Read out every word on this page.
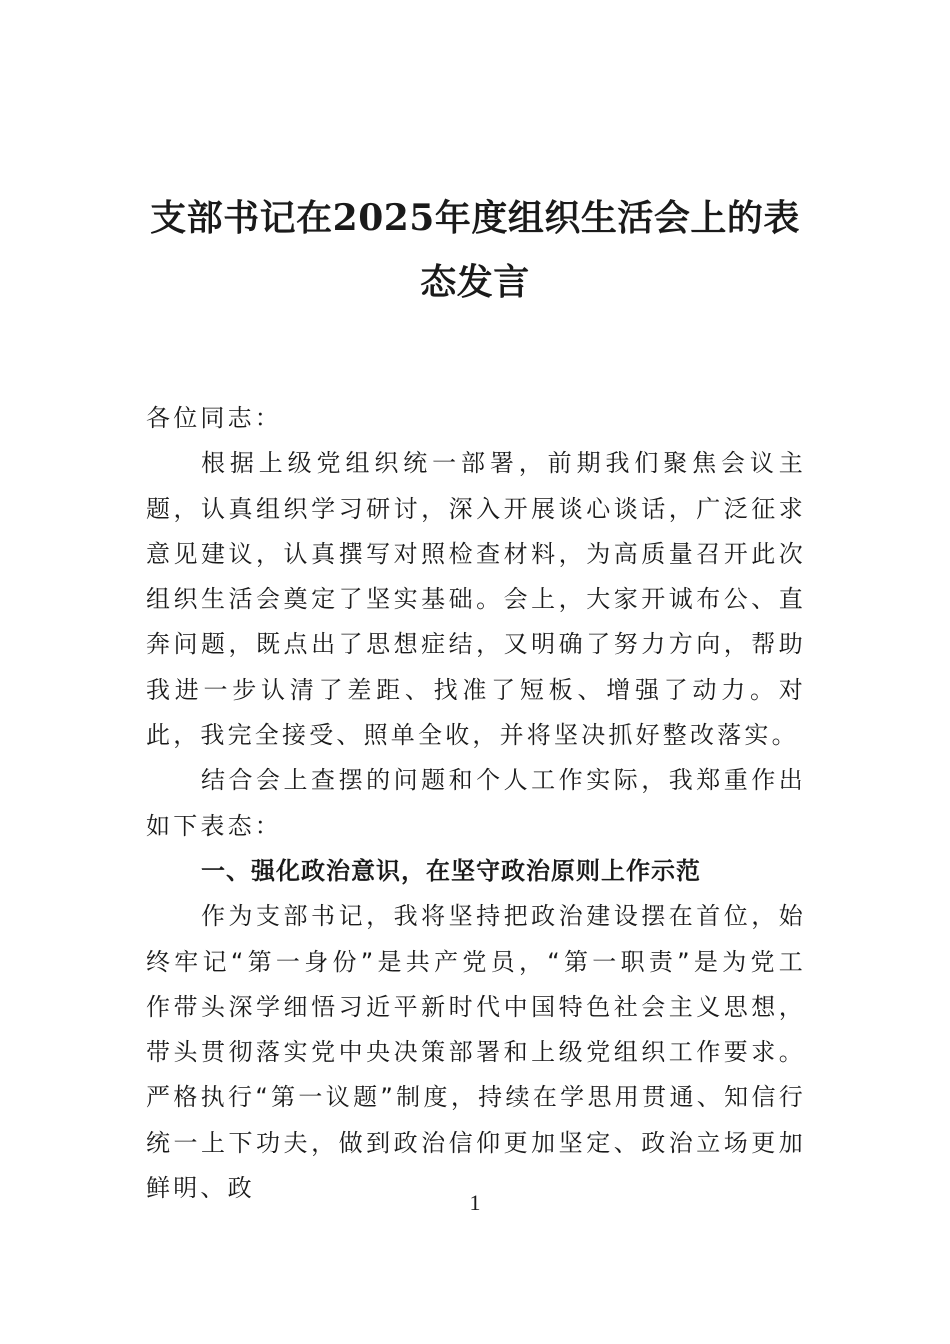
支部书记在2025年度组织生活会上的表态发言

各位同志：

根据上级党组织统一部署，前期我们聚焦会议主题，认真组织学习研讨，深入开展谈心谈话，广泛征求意见建议，认真撰写对照检查材料，为高质量召开此次组织生活会奠定了坚实基础。会上，大家开诚布公、直奔问题，既点出了思想症结，又明确了努力方向，帮助我进一步认清了差距、找准了短板、增强了动力。对此，我完全接受、照单全收，并将坚决抓好整改落实。

结合会上查摆的问题和个人工作实际，我郑重作出如下表态：

一、强化政治意识，在坚守政治原则上作示范

作为支部书记，我将坚持把政治建设摆在首位，始终牢记“第一身份”是共产党员，“第一职责”是为党工作带头深学细悟习近平新时代中国特色社会主义思想，带头贯彻落实党中央决策部署和上级党组织工作要求。严格执行“第一议题”制度，持续在学思用贯通、知信行统一上下功夫，做到政治信仰更加坚定、政治立场更加鲜明、政

1
